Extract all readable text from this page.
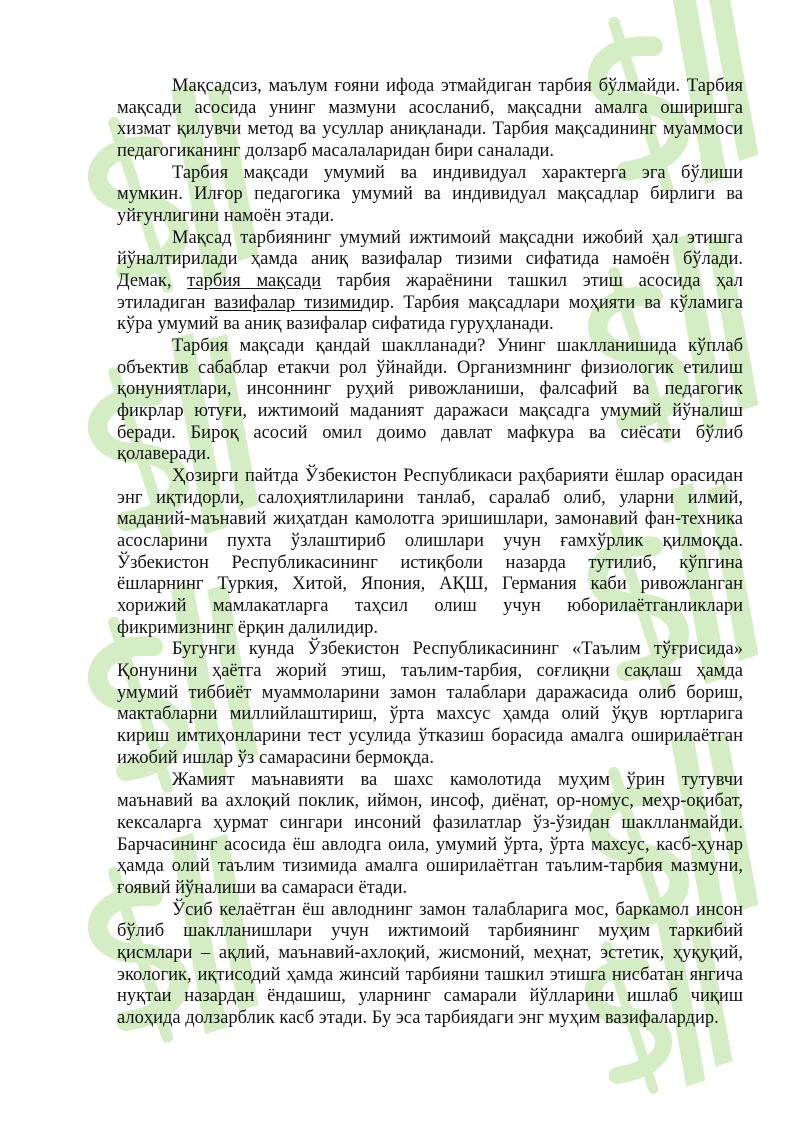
Мақсадсиз, маълум ғояни ифода этмайдиган тарбия бўлмайди. Тарбия
мақсади асосида унинг мазмуни асосланиб, мақсадни амалга оширишга
хизмат қилувчи метод ва усуллар аниқланади. Тарбия мақсадининг муаммоси
педагогиканинг долзарб масалаларидан бири саналади.
Тарбия мақсади умумий ва индивидуал характерга эга бўлиши
мумкин. Илғор педагогика умумий ва индивидуал мақсадлар бирлиги ва
уйғунлигини намоён этади.
Мақсад тарбиянинг умумий ижтимоий мақсадни ижобий ҳал этишга
йўналтирилади ҳамда аниқ вазифалар тизими сифатида намоён бўлади.
Демак, тарбия мақсади тарбия жараёнини ташкил этиш асосида ҳал
этиладиган вазифалар тизимидир. Тарбия мақсадлари моҳияти ва кўламига
кўра умумий ва аниқ вазифалар сифатида гуруҳланади.
Тарбия мақсади қандай шаклланади? Унинг шаклланишида кўплаб
объектив сабаблар етакчи рол ўйнайди. Организмнинг физиологик етилиш
қонуниятлари, инсоннинг руҳий ривожланиши, фалсафий ва педагогик
фикрлар ютуғи, ижтимоий маданият даражаси мақсадга умумий йўналиш
беради. Бироқ асосий омил доимо давлат мафкура ва сиёсати бўлиб
қолаверади.
Ҳозирги пайтда Ўзбекистон Республикаси раҳбарияти ёшлар орасидан
энг иқтидорли, салоҳиятлиларини танлаб, саралаб олиб, уларни илмий,
маданий-маънавий жиҳатдан камолотга эришишлари, замонавий фан-техника
асосларини пухта ўзлаштириб олишлари учун ғамхўрлик қилмоқда.
Ўзбекистон Республикасининг истиқболи назарда тутилиб, кўпгина
ёшларнинг Туркия, Хитой, Япония, АҚШ, Германия каби ривожланган
хорижий мамлакатларга таҳсил олиш учун юборилаётганликлари
фикримизнинг ёрқин далилидир.
Бугунги кунда Ўзбекистон Республикасининг «Таълим тўғрисида»
Қонунини ҳаётга жорий этиш, таълим-тарбия, соғлиқни сақлаш ҳамда
умумий тиббиёт муаммоларини замон талаблари даражасида олиб бориш,
мактабларни миллийлаштириш, ўрта махсус ҳамда олий ўқув юртларига
кириш имтиҳонларини тест усулида ўтказиш борасида амалга оширилаётган
ижобий ишлар ўз самарасини бермоқда.
Жамият маънавияти ва шахс камолотида муҳим ўрин тутувчи
маънавий ва ахлоқий поклик, иймон, инсоф, диёнат, ор-номус, меҳр-оқибат,
кексаларга ҳурмат сингари инсоний фазилатлар ўз-ўзидан шаклланмайди.
Барчасининг асосида ёш авлодга оила, умумий ўрта, ўрта махсус, касб-ҳунар
ҳамда олий таълим тизимида амалга оширилаётган таълим-тарбия мазмуни,
ғоявий йўналиши ва самараси ётади.
Ўсиб келаётган ёш авлоднинг замон талабларига мос, баркамол инсон
бўлиб шаклланишлари учун ижтимоий тарбиянинг муҳим таркибий
қисмлари – ақлий, маънавий-ахлоқий, жисмоний, меҳнат, эстетик, ҳуқуқий,
экологик, иқтисодий ҳамда жинсий тарбияни ташкил этишга нисбатан янгича
нуқтаи назардан ёндашиш, уларнинг самарали йўлларини ишлаб чиқиш
алоҳида долзарблик касб этади. Бу эса тарбиядаги энг муҳим вазифалардир.
